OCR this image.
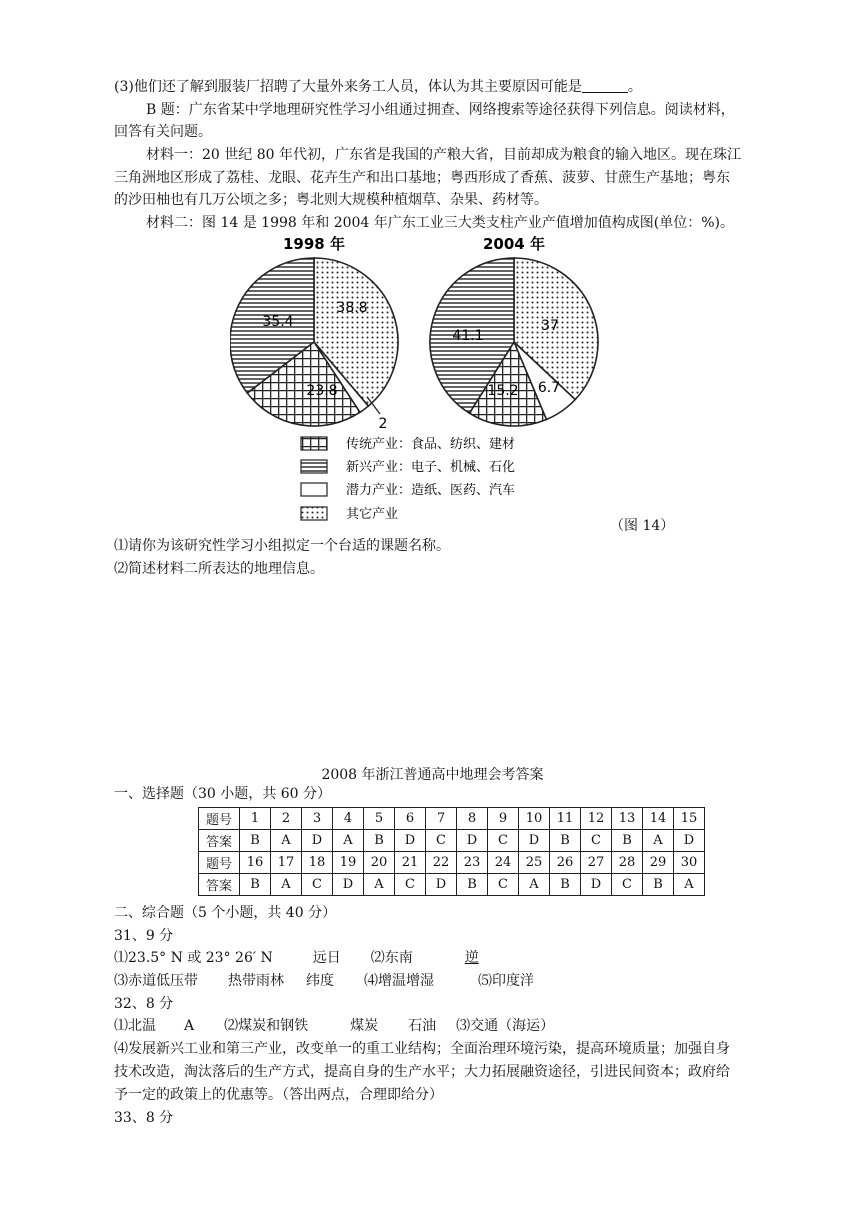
(3)他们还了解到服装厂招聘了大量外来务工人员，体认为其主要原因可能是	。
B 题：广东省某中学地理研究性学习小组通过拥查、网络搜索等途径获得下列信息。阅读材料，
回答有关问题。
材料一：20 世纪 80 年代初，广东省是我国的产粮大省，目前却成为粮食的输入地区。现在珠江
三角洲地区形成了荔桂、龙眼、花卉生产和出口基地；粤西形成了香蕉、菠萝、甘蔗生产基地；粤东
的沙田柚也有几万公顷之多；粤北则大规模种植烟草、杂果、药材等。
材料二：图 14 是 1998 年和 2004 年广东工业三大类支柱产业产值增加值构成图(单位：%)。
1998 年	2004 年
38.8
35.4
23.8
2
37
41.1
15.2 6.7
传统产业：食品、纺织、建材
新兴产业：电子、机械、石化
潜力产业：造纸、医药、汽车
其它产业
（图 14）
⑴请你为该研究性学习小组拟定一个台适的课题名称。
⑵简述材料二所表达的地理信息。
2008 年浙江普通高中地理会考答案
一、选择题（30 小题，共 60 分）
题号	1	2	3	4	5	6	7	8	9	10	11	12	13	14	15
答案	B	A	D	A	B	D	C	D	C	D	B	C	B	A	D
题号	16	17	18	19	20	21	22	23	24	25	26	27	28	29	30
答案	B	A	C	D	A	C	D	B	C	A	B	D	C	B	A
二、综合题（5 个小题，共 40 分）
31、9 分
⑴23.5° N 或 23° 26′ N	远日 ⑵东南	逆
⑶赤道低压带 热带雨林 纬度 ⑷增温增湿	⑸印度洋
32、8 分
⑴北温 A ⑵煤炭和钢铁	煤炭 石油 ⑶交通（海运）
⑷发展新兴工业和第三产业，改变单一的重工业结构；全面治理环境污染，提高环境质量；加强自身
技术改造，淘汰落后的生产方式，提高自身的生产水平；大力拓展融资途径，引进民间资本；政府给
予一定的政策上的优惠等。（答出两点，合理即给分）
33、8 分
